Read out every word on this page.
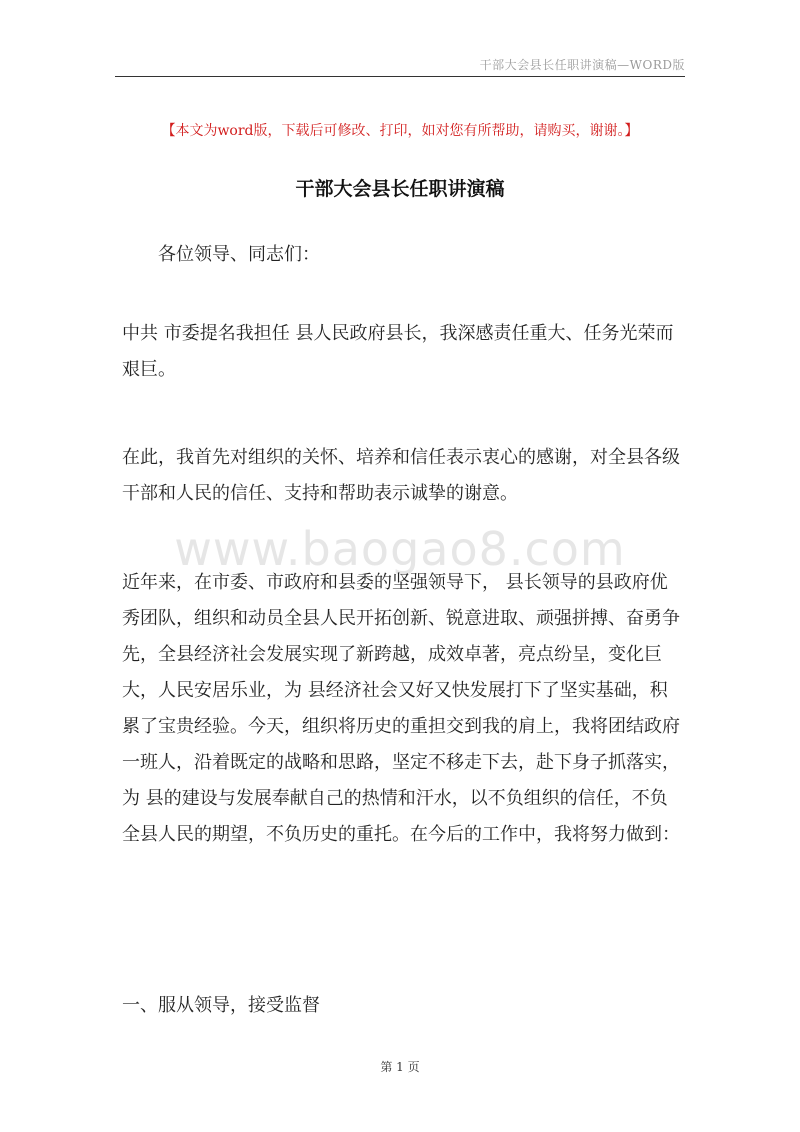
干部大会县长任职讲演稿—WORD版
【本文为word版，下载后可修改、打印，如对您有所帮助，请购买，谢谢。】
干部大会县长任职讲演稿
www.baogao8.com

各位领导、同志们：

中共 市委提名我担任 县人民政府县长，我深感责任重大、任务光荣而艰巨。

在此，我首先对组织的关怀、培养和信任表示衷心的感谢，对全县各级干部和人民的信任、支持和帮助表示诚挚的谢意。

近年来，在市委、市政府和县委的坚强领导下， 县长领导的县政府优秀团队，组织和动员全县人民开拓创新、锐意进取、顽强拼搏、奋勇争先，全县经济社会发展实现了新跨越，成效卓著，亮点纷呈，变化巨大，人民安居乐业，为 县经济社会又好又快发展打下了坚实基础，积累了宝贵经验。今天，组织将历史的重担交到我的肩上，我将团结政府一班人，沿着既定的战略和思路，坚定不移走下去，赴下身子抓落实，为 县的建设与发展奉献自己的热情和汗水，以不负组织的信任，不负全县人民的期望，不负历史的重托。在今后的工作中，我将努力做到：

一、服从领导，接受监督

第 1 页
